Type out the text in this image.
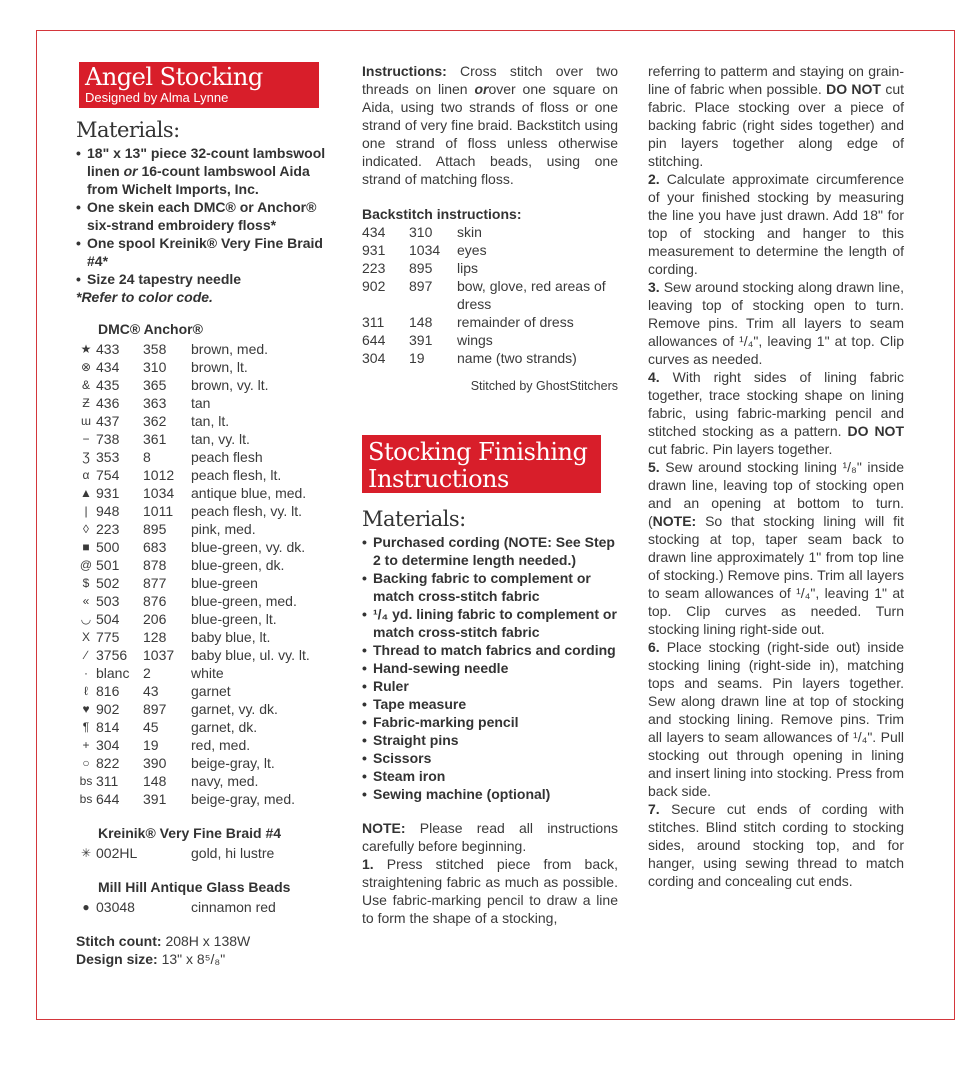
Angel Stocking
Designed by Alma Lynne
Materials:
• 18" x 13" piece 32-count lambswool linen or 16-count lambswool Aida from Wichelt Imports, Inc.
• One skein each DMC® or Anchor® six-strand embroidery floss*
• One spool Kreinik® Very Fine Braid #4*
• Size 24 tapestry needle
*Refer to color code.
DMC® Anchor®
★	433	358	brown, med.
⊗	434	310	brown, lt.
&	435	365	brown, vy. lt.
Ƶ	436	363	tan
ɯ	437	362	tan, lt.
−	738	361	tan, vy. lt.
Ʒ	353	8	peach flesh
α	754	1012	peach flesh, lt.
▲	931	1034	antique blue, med.
|	948	1011	peach flesh, vy. lt.
◊	223	895	pink, med.
■	500	683	blue-green, vy. dk.
@	501	878	blue-green, dk.
$	502	877	blue-green
«	503	876	blue-green, med.
◡	504	206	blue-green, lt.
X	775	128	baby blue, lt.
∕	3756	1037	baby blue, ul. vy. lt.
·	blanc	2	white
ℓ	816	43	garnet
♥	902	897	garnet, vy. dk.
¶	814	45	garnet, dk.
+	304	19	red, med.
○	822	390	beige-gray, lt.
bs	311	148	navy, med.
bs	644	391	beige-gray, med.
Kreinik® Very Fine Braid #4
✳	002HL	gold, hi lustre
Mill Hill Antique Glass Beads
●	03048	cinnamon red
Stitch count: 208H x 138W
Design size: 13" x 8⁵/₈"

Instructions: Cross stitch over two threads on linen orover one square on Aida, using two strands of floss or one strand of very fine braid. Backstitch using one strand of floss unless otherwise indicated. Attach beads, using one strand of matching floss.

Backstitch instructions:
434	310	skin
931	1034	eyes
223	895	lips
902	897	bow, glove, red areas of dress
311	148	remainder of dress
644	391	wings
304	19	name (two strands)
Stitched by GhostStitchers
Stocking Finishing
Instructions
Materials:
• Purchased cording (NOTE: See Step 2 to determine length needed.)
• Backing fabric to complement or match cross-stitch fabric
• ¹/₄ yd. lining fabric to complement or match cross-stitch fabric
• Thread to match fabrics and cording
• Hand-sewing needle
• Ruler
• Tape measure
• Fabric-marking pencil
• Straight pins
• Scissors
• Steam iron
• Sewing machine (optional)

NOTE: Please read all instructions carefully before beginning.

1. Press stitched piece from back, straightening fabric as much as possible. Use fabric-marking pencil to draw a line to form the shape of a stocking,

referring to patterm and staying on grain-line of fabric when possible. DO NOT cut fabric. Place stocking over a piece of backing fabric (right sides together) and pin layers together along edge of stitching.

2. Calculate approximate circumference of your finished stocking by measuring the line you have just drawn. Add 18" for top of stocking and hanger to this measurement to determine the length of cording.

3. Sew around stocking along drawn line, leaving top of stocking open to turn. Remove pins. Trim all layers to seam allowances of ¹/₄", leaving 1" at top. Clip curves as needed.

4. With right sides of lining fabric together, trace stocking shape on lining fabric, using fabric-marking pencil and stitched stocking as a pattern. DO NOT cut fabric. Pin layers together.

5. Sew around stocking lining ¹/₈" inside drawn line, leaving top of stocking open and an opening at bottom to turn. (NOTE: So that stocking lining will fit stocking at top, taper seam back to drawn line approximately 1" from top line of stocking.) Remove pins. Trim all layers to seam allowances of ¹/₄", leaving 1" at top. Clip curves as needed. Turn stocking lining right-side out.

6. Place stocking (right-side out) inside stocking lining (right-side in), matching tops and seams. Pin layers together. Sew along drawn line at top of stocking and stocking lining. Remove pins. Trim all layers to seam allowances of ¹/₄". Pull stocking out through opening in lining and insert lining into stocking. Press from back side.

7. Secure cut ends of cording with stitches. Blind stitch cording to stocking sides, around stocking top, and for hanger, using sewing thread to match cording and concealing cut ends.
